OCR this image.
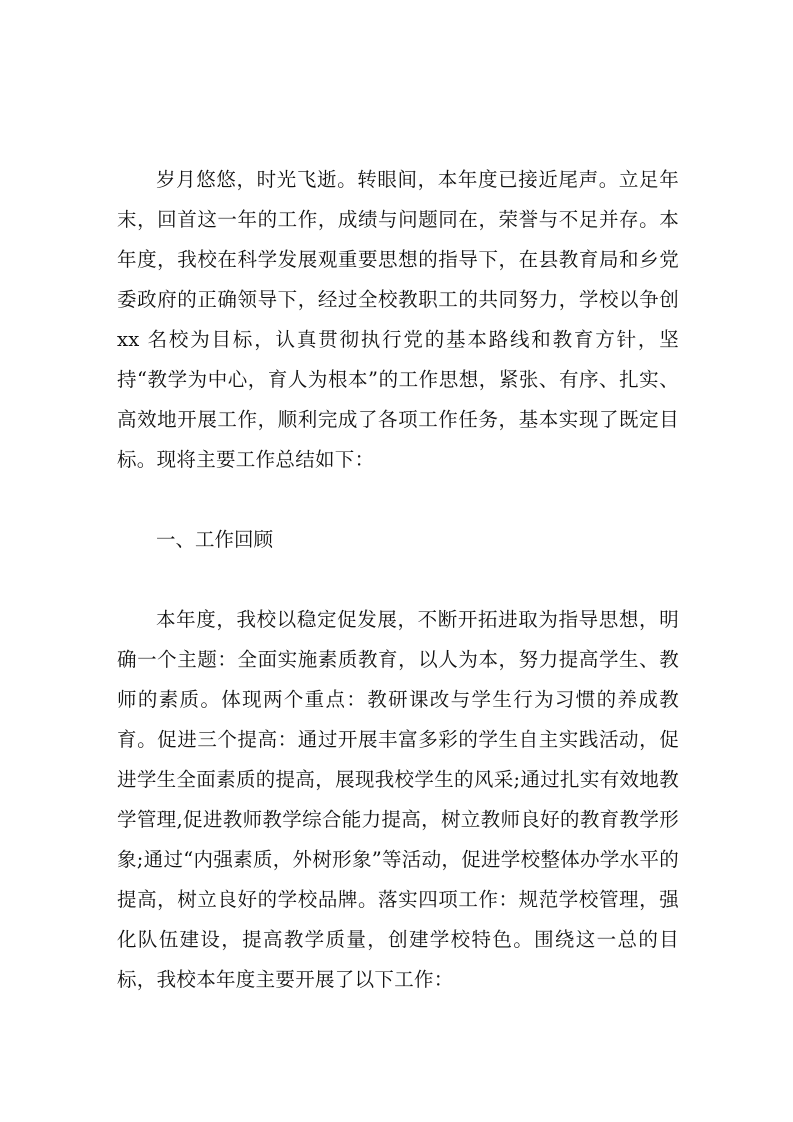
岁月悠悠，时光飞逝。转眼间，本年度已接近尾声。立足年末，回首这一年的工作，成绩与问题同在，荣誉与不足并存。本年度，我校在科学发展观重要思想的指导下，在县教育局和乡党委政府的正确领导下，经过全校教职工的共同努力，学校以争创 xx 名校为目标，认真贯彻执行党的基本路线和教育方针，坚持“教学为中心，育人为根本”的工作思想，紧张、有序、扎实、高效地开展工作，顺利完成了各项工作任务，基本实现了既定目标。现将主要工作总结如下：

一、工作回顾

本年度，我校以稳定促发展，不断开拓进取为指导思想，明确一个主题：全面实施素质教育，以人为本，努力提高学生、教师的素质。体现两个重点：教研课改与学生行为习惯的养成教育。促进三个提高：通过开展丰富多彩的学生自主实践活动，促进学生全面素质的提高，展现我校学生的风采;通过扎实有效地教学管理,促进教师教学综合能力提高，树立教师良好的教育教学形象;通过“内强素质，外树形象”等活动，促进学校整体办学水平的提高，树立良好的学校品牌。落实四项工作：规范学校管理，强化队伍建设，提高教学质量，创建学校特色。围绕这一总的目标，我校本年度主要开展了以下工作：
